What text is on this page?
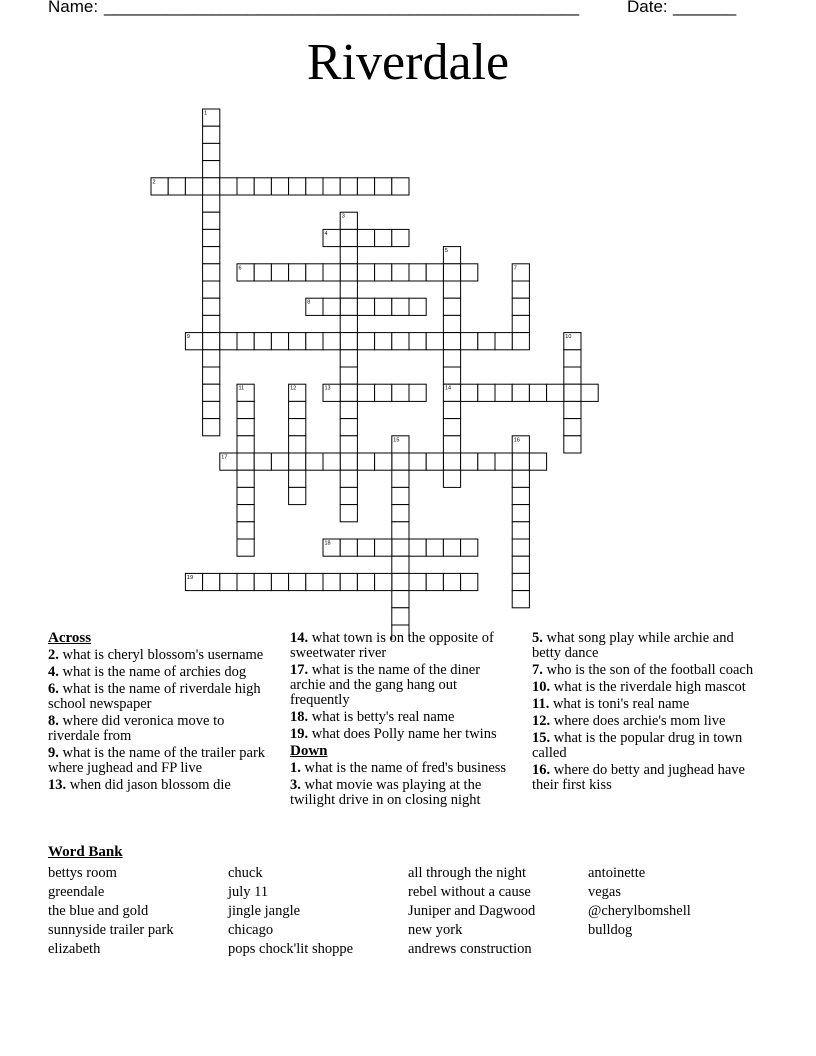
Name: _____________________________________________________	Date: _______
Riverdale
1
2
3
4
5
6	7
8
9	10
11	12	13	14
15	16
17
18
19
Across
2. what is cheryl blossom's username
4. what is the name of archies dog
6. what is the name of riverdale high school newspaper
8. where did veronica move to riverdale from
9. what is the name of the trailer park where jughead and FP live
13. when did jason blossom die
14. what town is on the opposite of sweetwater river
17. what is the name of the diner archie and the gang hang out frequently
18. what is betty's real name
19. what does Polly name her twins
Down
1. what is the name of fred's business
3. what movie was playing at the twilight drive in on closing night
5. what song play while archie and betty dance
7. who is the son of the football coach
10. what is the riverdale high mascot
11. what is toni's real name
12. where does archie's mom live
15. what is the popular drug in town called
16. where do betty and jughead have their first kiss
Word Bank
bettys room
greendale
the blue and gold
sunnyside trailer park
elizabeth
chuck
july 11
jingle jangle
chicago
pops chock'lit shoppe
all through the night
rebel without a cause
Juniper and Dagwood
new york
andrews construction
antoinette
vegas
@cherylbomshell
bulldog
